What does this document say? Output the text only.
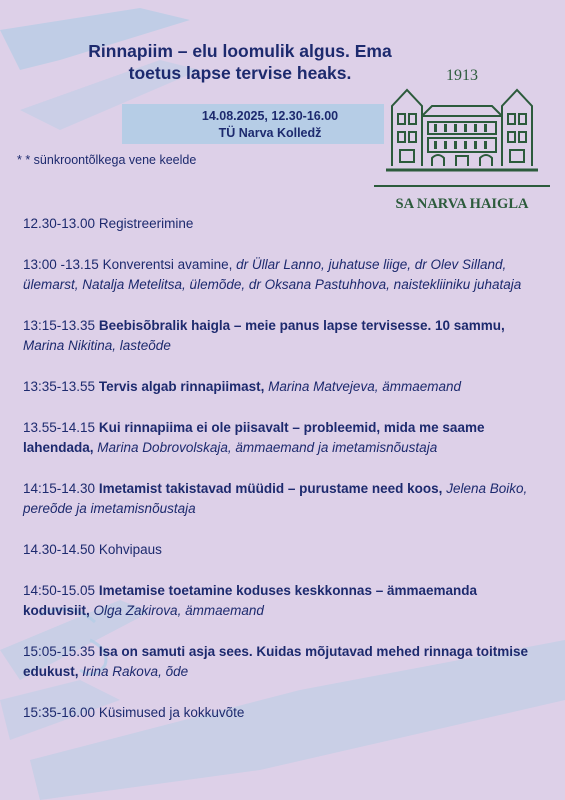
Rinnapiim – elu loomulik algus. Ema toetus lapse tervise heaks.
14.08.2025, 12.30-16.00
TÜ Narva Kolledž
* * sünkroontõlkega vene keelde
1913
SA NARVA HAIGLA
12.30-13.00 Registreerimine
13:00 -13.15 Konverentsi avamine, dr Üllar Lanno, juhatuse liige, dr Olev Silland, ülemarst, Natalja Metelitsa, ülemõde, dr Oksana Pastuhhova, naistekliiniku juhataja
13:15-13.35 Beebisõbralik haigla – meie panus lapse tervisesse. 10 sammu, Marina Nikitina, lasteõde
13:35-13.55 Tervis algab rinnapiimast, Marina Matvejeva, ämmaemand
13.55-14.15 Kui rinnapiima ei ole piisavalt – probleemid, mida me saame lahendada, Marina Dobrovolskaja, ämmaemand ja imetamisnõustaja
14:15-14.30 Imetamist takistavad müüdid – purustame need koos, Jelena Boiko, pereõde ja imetamisnõustaja
14.30-14.50 Kohvipaus
14:50-15.05 Imetamise toetamine koduses keskkonnas – ämmaemanda koduvisiit, Olga Zakirova, ämmaemand
15:05-15.35 Isa on samuti asja sees. Kuidas mõjutavad mehed rinnaga toitmise edukust, Irina Rakova, õde
15:35-16.00 Küsimused ja kokkuvõte
